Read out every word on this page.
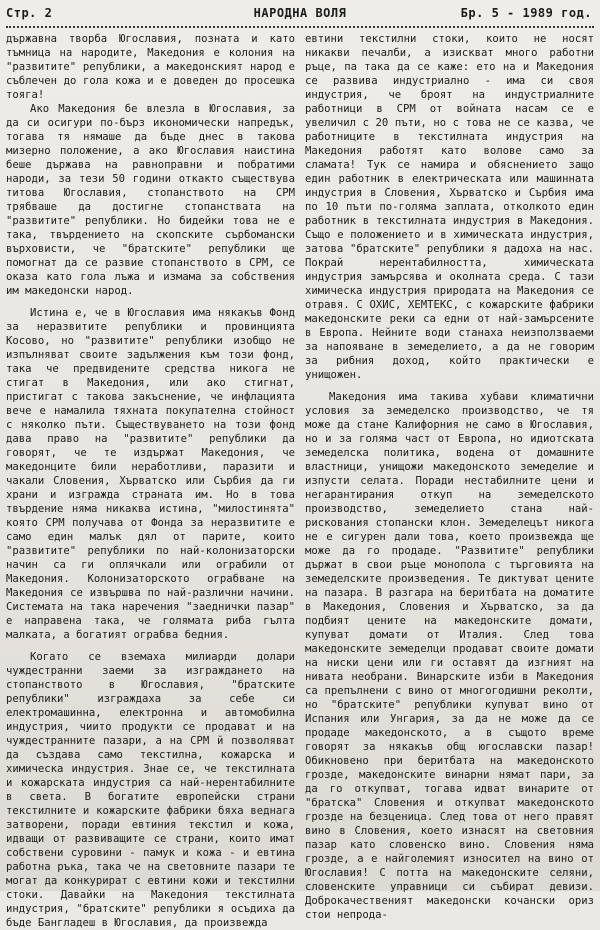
Стр. 2	НАРОДНА ВОЛЯ	Бр. 5 - 1989 год.

държавна творба Югославия, познатa и като тъмница на народите, Македония е колония на "развитите" републики, а македонският народ е съблечен до гола кожа и е доведен до просешка тояга!

Ако Македония бе влезла в Югославия, за да си осигури по-бърз икономически напредък, тогава тя нямаше да бъде днес в такова мизерно положение, а ако Югославия наистина бeше държава на равноправни и побратими народи, за тези 50 години откакто съществува титова Югославия, стопанството на СРМ трябваше да достигне стопанствата на "развитите" републики. Но бидейки това не е така, твърдението на скопските сърбомански върховисти, че "братските" републики ще помогнат да се развие стопанството в СРМ, се оказа като гола лъжа и измама за собствения им македонски народ.

Истина е, че в Югославия има някакъв Фонд за неразвитите републики и провинцията Косово, но "развитите" републики изобщо не изпълняват своите задължения към този фонд, така че предвидените средства никога не стигат в Македония, или ако стигнат, пристигат с такова закъснение, че инфлацията вече е намалила тяхната покупателна стойност с няколко пъти. Съществуването на този фонд дава право на "развитите" републики да говорят, че те издържат Македония, че македонците били неработливи, паразити и чакали Словения, Хърватско или Сърбия да ги храни и изгражда страната им. Но в това твърдение няма никаква истина, "милостинята" която СРМ получава от Фонда за неразвитите е само един малък дял от парите, които "развитите" републики по най-колонизаторски начин са ги оплячкали или ограбили от Македония. Колонизаторското ограбване на Македония се извършва по най-различни начини. Системата на така наречения "заеднички пазар" е направена така, че голямата риба гълта малката, а богатият ограбва бедния.

Когато се вземаха милиарди долари чуждестранни заеми за изграждането на стопанството в Югославия, "братските републики" изграждаха за себе си електромашинна, електронна и автомобилна индустрия, чиито продукти се продават и на чуждестранните пазари, а на СРМ й позволяват да създава само текстилна, кожарска и химическа индустрия. Знае се, че текстилната и кожарската индустрия са най-нерентабилните в света. В богатите европейски страни текстилните и кожарските фабрики бяха веднага затворени, поради евтиния текстил и кожа, идващи от развиващите се страни, които имат собствени суровини - памук и кожа - и евтина работна ръка, така че на световните пазари те могат да конкурират с евтини кожи и текстилни стоки. Давайки на Македония текстилната индустрия, "братските" републики я осъдиха да бъде Бангладеш в Югославия, да произвежда

евтини текстилни стоки, които не носят никакви печалби, а изискват много работни ръце, па така да се каже: ето на и Македония се развива индустриално - има си своя индустрия, че броят на индустриалните работници в СРМ от войната насам се е увеличил с 20 пъти, но с това не се казва, че работниците в текстилната индустрия на Македония работят като волове само за сламата! Тук се намира и обяснението защо един работник в електрическата или машинната индустрия в Словения, Хърватско и Сърбия има по 10 пъти по-голяма заплата, отколкото един работник в текстилната индустрия в Македония. Също е положението и в химическата индустрия, затова "братските" републики я дадоха на нас. Покрай нерентабилността, химическата индустрия замърсява и околната среда. С тази химическа индустрия природата на Македония се отравя. С ОХИС, ХЕМТЕКС, с кожарските фабрики македонските реки са едни от най-замърсените в Европа. Нейните води станаха неизползваеми за напояване в земеделието, а да не говорим за рибния доход, който практически е унищожен.

Македония има такива хубави климатични условия за земеделско производство, че тя може да стане Калифорния не само в Югославия, но и за голяма част от Европа, но идиотската земеделска политика, водена от домашните властници, унищожи македонското земеделие и изпусти селата. Поради нестабилните цени и негарантирания откуп на земеделското производство, земеделието стана най-рискования стопански клон. Земеделецът никога не е сигурен дали това, което произвежда ще може да го продаде. "Развитите" републики държат в свои ръце монопола с търговията на земеделските произведения. Те диктуват цените на пазара. В разгара на беритбата на доматите в Македония, Словения и Хърватско, за да подбият цените на македонските домати, купуват домати от Италия. След това македонските земеделци продават своите домати на ниски цени или ги оставят да изгният на нивата необрани. Винарските изби в Македония са препълнени с вино от многогодишни реколти, но "братските" републики купуват вино от Испания или Унгария, за да не може да се продаде македонското, а в същото време говорят за някакъв общ югославски пазар! Обикновено при беритбата на македонското грозде, македонските винарни нямат пари, за да го откупват, тогава идват винарите от "братска" Словения и откупват македонското грозде на безценица. След това от него правят вино в Словения, което изнасят на световния пазар като словенско вино. Словения няма грозде, а е найголемият износител на вино от Югославия! С потта на македонските селяни, словенските управници си събират девизи. Доброкачественият македонски кочански ориз стои непрода-
